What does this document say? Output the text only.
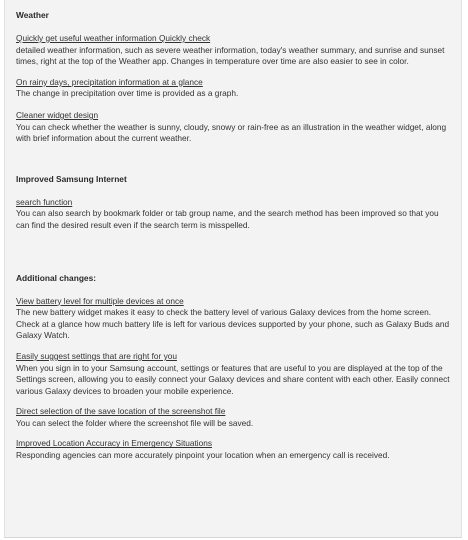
Weather
Quickly get useful weather information Quickly check
detailed weather information, such as severe weather information, today's weather summary, and sunrise and sunset times, right at the top of the Weather app. Changes in temperature over time are also easier to see in color.
On rainy days, precipitation information at a glance
The change in precipitation over time is provided as a graph.
Cleaner widget design
You can check whether the weather is sunny, cloudy, snowy or rain-free as an illustration in the weather widget, along with brief information about the current weather.
Improved Samsung Internet
search function
You can also search by bookmark folder or tab group name, and the search method has been improved so that you can find the desired result even if the search term is misspelled.
Additional changes:
View battery level for multiple devices at once
The new battery widget makes it easy to check the battery level of various Galaxy devices from the home screen. Check at a glance how much battery life is left for various devices supported by your phone, such as Galaxy Buds and Galaxy Watch.
Easily suggest settings that are right for you
When you sign in to your Samsung account, settings or features that are useful to you are displayed at the top of the Settings screen, allowing you to easily connect your Galaxy devices and share content with each other. Easily connect various Galaxy devices to broaden your mobile experience.
Direct selection of the save location of the screenshot file
You can select the folder where the screenshot file will be saved.
Improved Location Accuracy in Emergency Situations
Responding agencies can more accurately pinpoint your location when an emergency call is received.
